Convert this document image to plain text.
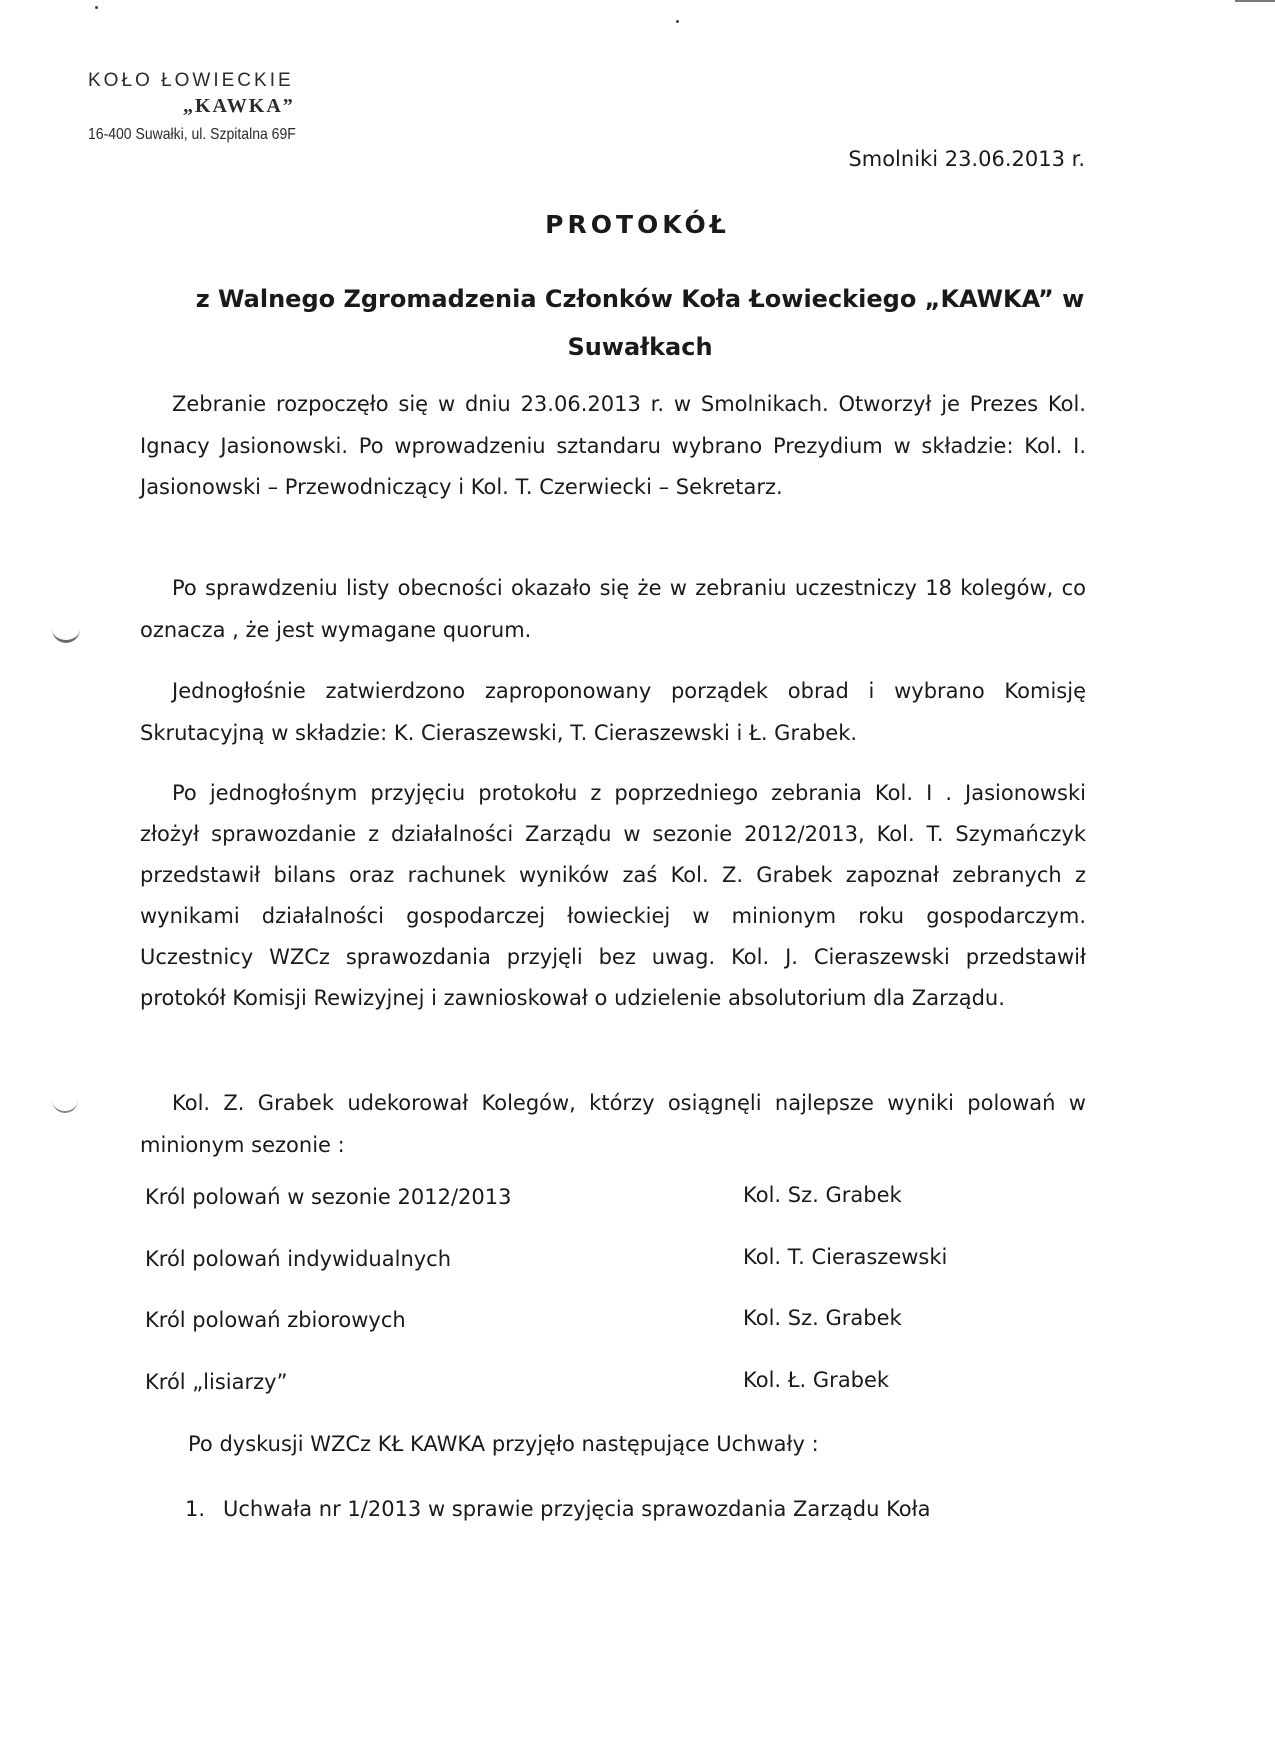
KOŁO ŁOWIECKIE
„KAWKA”
16-400 Suwałki, ul. Szpitalna 69F
Smolniki 23.06.2013 r.
PROTOKÓŁ
z Walnego Zgromadzenia Członków Koła Łowieckiego „KAWKA” w Suwałkach
Zebranie rozpoczęło się w dniu 23.06.2013 r. w Smolnikach. Otworzył je Prezes Kol. Ignacy Jasionowski. Po wprowadzeniu sztandaru wybrano Prezydium w składzie: Kol. I. Jasionowski – Przewodniczący i Kol. T. Czerwiecki – Sekretarz.
Po sprawdzeniu listy obecności okazało się że w zebraniu uczestniczy 18 kolegów, co oznacza , że jest wymagane quorum.
Jednogłośnie zatwierdzono zaproponowany porządek obrad i wybrano Komisję Skrutacyjną w składzie: K. Cieraszewski, T. Cieraszewski i Ł. Grabek.
Po jednogłośnym przyjęciu protokołu z poprzedniego zebrania Kol. I . Jasionowski złożył sprawozdanie z działalności Zarządu w sezonie 2012/2013, Kol. T. Szymańczyk przedstawił bilans oraz rachunek wyników zaś Kol. Z. Grabek zapoznał zebranych z wynikami działalności gospodarczej łowieckiej w minionym roku gospodarczym. Uczestnicy WZCz sprawozdania przyjęli bez uwag. Kol. J. Cieraszewski przedstawił protokół Komisji Rewizyjnej i zawnioskował o udzielenie absolutorium dla Zarządu.
Kol. Z. Grabek udekorował Kolegów, którzy osiągnęli najlepsze wyniki polowań w minionym sezonie :
Król polowań w sezonie 2012/2013	Kol. Sz. Grabek
Król polowań indywidualnych	Kol. T. Cieraszewski
Król polowań zbiorowych	Kol. Sz. Grabek
Król „lisiarzy”	Kol. Ł. Grabek
Po dyskusji WZCz KŁ KAWKA przyjęło następujące Uchwały :
1. Uchwała nr 1/2013 w sprawie przyjęcia sprawozdania Zarządu Koła
